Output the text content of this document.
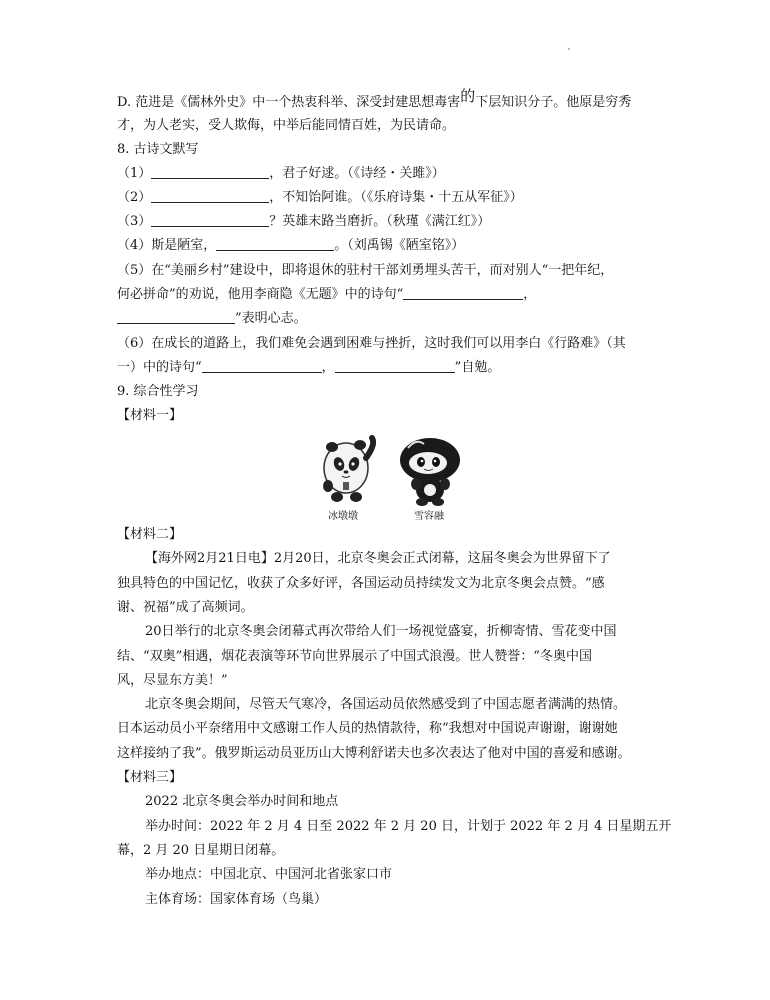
D. 范进是《儒林外史》中一个热衷科举、深受封建思想毒害的下层知识分子。他原是穷秀
才，为人老实，受人欺侮，中举后能同情百姓，为民请命。
8. 古诗文默写
（1）	，君子好逑。（《诗经・关雎》）
（2）	，不知饴阿谁。（《乐府诗集・十五从军征》）
（3）	？英雄末路当磨折。（秋瑾《满江红》）
（4）斯是陋室，	。（刘禹锡《陋室铭》）
（5）在“美丽乡村”建设中，即将退休的驻村干部刘勇埋头苦干，而对别人“一把年纪，
何必拼命”的劝说，他用李商隐《无题》中的诗句“	，
”表明心志。
（6）在成长的道路上，我们难免会遇到困难与挫折，这时我们可以用李白《行路难》（其
一）中的诗句“	，	”自勉。
9. 综合性学习
【材料一】
冰墩墩	雪容融
【材料二】
【海外网2月21日电】2月20日，北京冬奥会正式闭幕，这届冬奥会为世界留下了
独具特色的中国记忆，收获了众多好评，各国运动员持续发文为北京冬奥会点赞。“感
谢、祝福”成了高频词。
20日举行的北京冬奥会闭幕式再次带给人们一场视觉盛宴，折柳寄情、雪花变中国
结、“双奥”相遇，烟花表演等环节向世界展示了中国式浪漫。世人赞誉：“冬奥中国
风，尽显东方美！”
北京冬奥会期间，尽管天气寒冷，各国运动员依然感受到了中国志愿者满满的热情。
日本运动员小平奈绪用中文感谢工作人员的热情款待，称“我想对中国说声谢谢，谢谢她
这样接纳了我”。俄罗斯运动员亚历山大博利舒诺夫也多次表达了他对中国的喜爱和感谢。
【材料三】
2022 北京冬奥会举办时间和地点
举办时间：2022 年 2 月 4 日至 2022 年 2 月 20 日，计划于 2022 年 2 月 4 日星期五开
幕，2 月 20 日星期日闭幕。
举办地点：中国北京、中国河北省张家口市
主体育场：国家体育场（鸟巢）
